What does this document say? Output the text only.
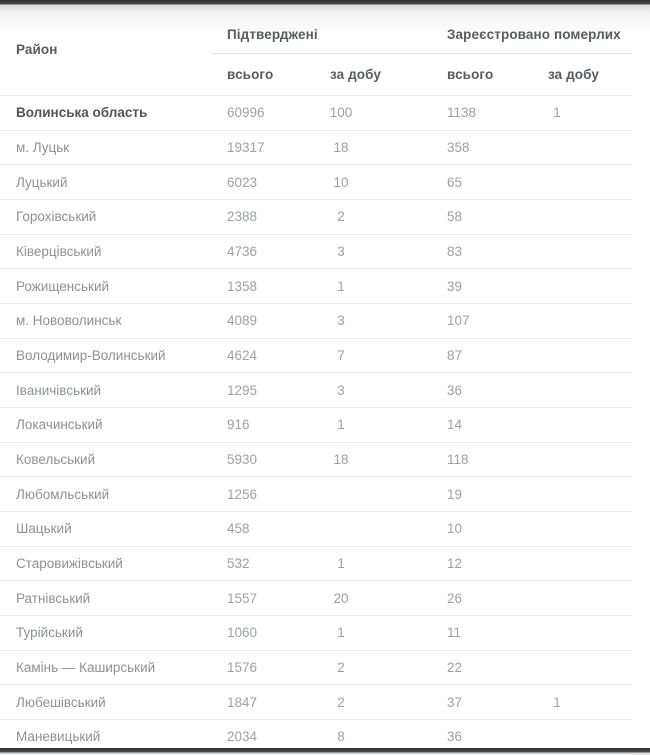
Район	Підтверджені		Зареєстровано померлих	
	всього	за добу	всього	за добу
Волинська область	60996	100	1138	1
м. Луцьк	19317	18	358	
Луцький	6023	10	65	
Горохівський	2388	2	58	
Ківерцівський	4736	3	83	
Рожищенський	1358	1	39	
м. Нововолинськ	4089	3	107	
Володимир-Волинський	4624	7	87	
Іваничівський	1295	3	36	
Локачинський	916	1	14	
Ковельський	5930	18	118	
Любомльський	1256		19	
Шацький	458		10	
Старовижівський	532	1	12	
Ратнівський	1557	20	26	
Турійський	1060	1	11	
Камінь — Каширський	1576	2	22	
Любешівський	1847	2	37	1
Маневицький	2034	8	36	
